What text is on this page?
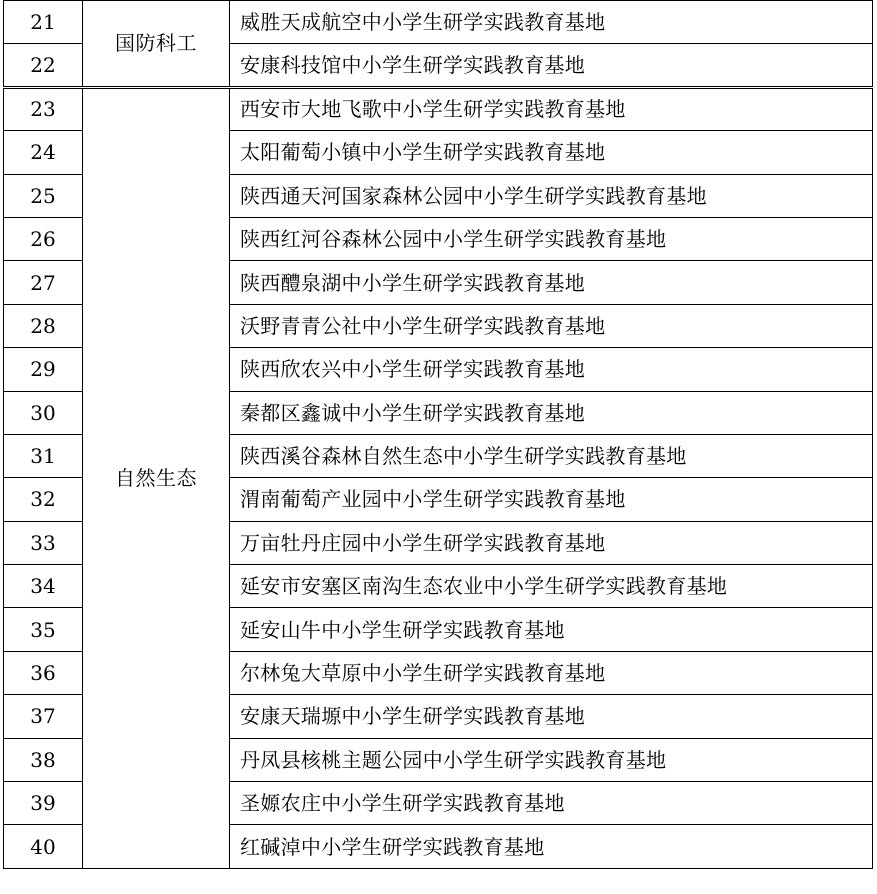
21	国防科工	威胜天成航空中小学生研学实践教育基地
22		安康科技馆中小学生研学实践教育基地
23	自然生态	西安市大地飞歌中小学生研学实践教育基地
24		太阳葡萄小镇中小学生研学实践教育基地
25		陕西通天河国家森林公园中小学生研学实践教育基地
26		陕西红河谷森林公园中小学生研学实践教育基地
27		陕西醴泉湖中小学生研学实践教育基地
28		沃野青青公社中小学生研学实践教育基地
29		陕西欣农兴中小学生研学实践教育基地
30		秦都区鑫诚中小学生研学实践教育基地
31		陕西溪谷森林自然生态中小学生研学实践教育基地
32		渭南葡萄产业园中小学生研学实践教育基地
33		万亩牡丹庄园中小学生研学实践教育基地
34		延安市安塞区南沟生态农业中小学生研学实践教育基地
35		延安山牛中小学生研学实践教育基地
36		尔林兔大草原中小学生研学实践教育基地
37		安康天瑞塬中小学生研学实践教育基地
38		丹凤县核桃主题公园中小学生研学实践教育基地
39		圣嫄农庄中小学生研学实践教育基地
40		红碱淖中小学生研学实践教育基地
